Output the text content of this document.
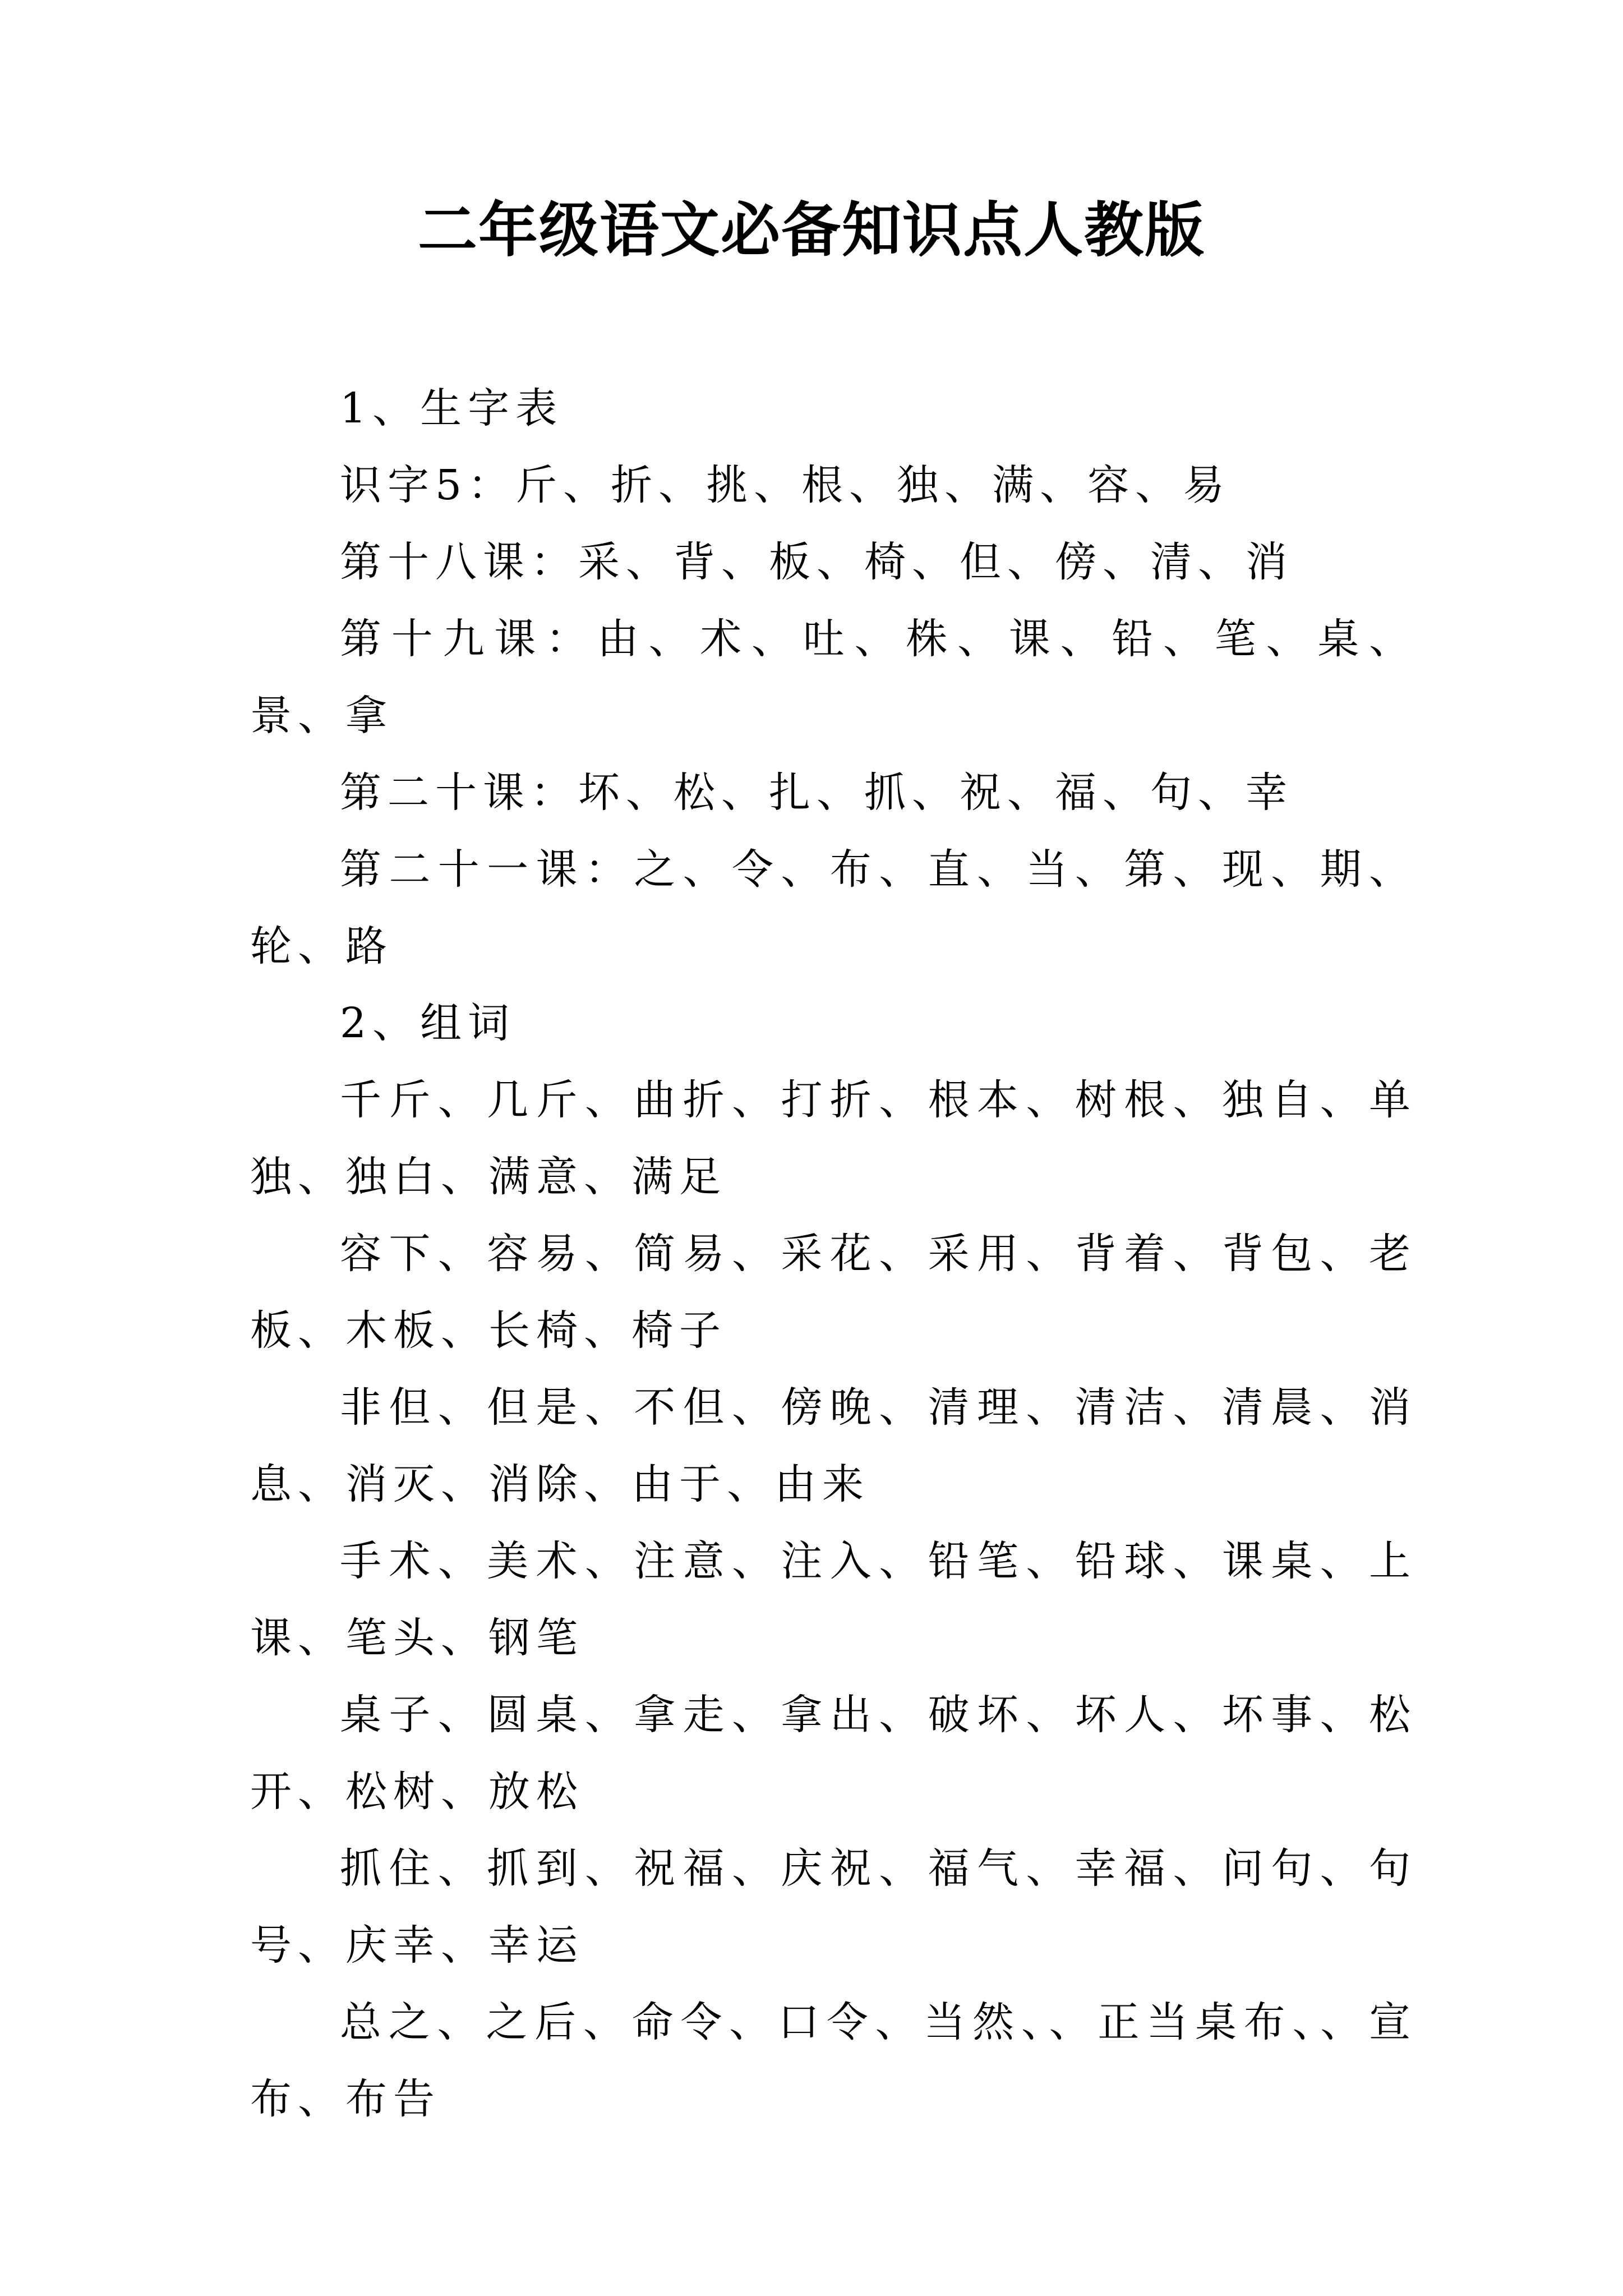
二年级语文必备知识点人教版

1、生字表

识字5：斤、折、挑、根、独、满、容、易

第十八课：采、背、板、椅、但、傍、清、消

第十九课：由、术、吐、株、课、铅、笔、桌、景、拿

第二十课：坏、松、扎、抓、祝、福、句、幸

第二十一课：之、令、布、直、当、第、现、期、轮、路

2、组词

千斤、几斤、曲折、打折、根本、树根、独自、单独、独白、满意、满足

容下、容易、简易、采花、采用、背着、背包、老板、木板、长椅、椅子

非但、但是、不但、傍晚、清理、清洁、清晨、消息、消灭、消除、由于、由来

手术、美术、注意、注入、铅笔、铅球、课桌、上课、笔头、钢笔

桌子、圆桌、拿走、拿出、破坏、坏人、坏事、松开、松树、放松

抓住、抓到、祝福、庆祝、福气、幸福、问句、句号、庆幸、幸运

总之、之后、命令、口令、当然、、正当桌布、、宣布、布告
